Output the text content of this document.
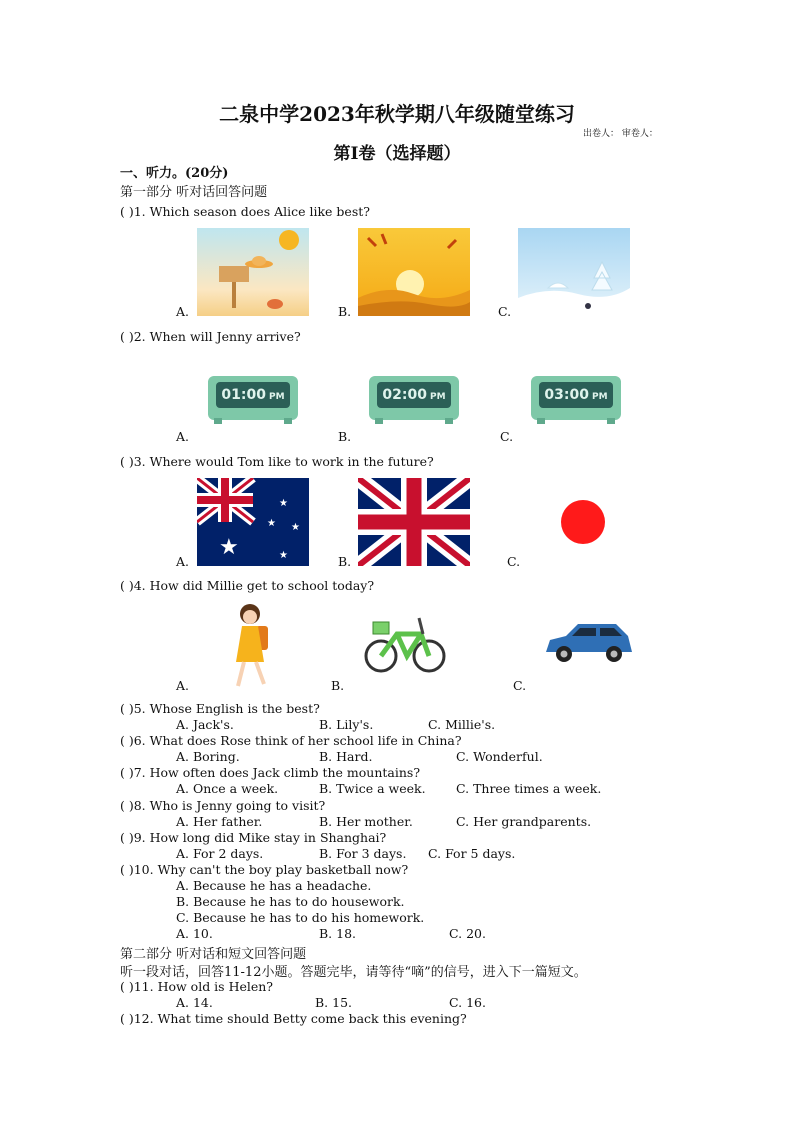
二泉中学2023年秋学期八年级随堂练习
出卷人： 审卷人：
第Ⅰ卷（选择题）
一、听力。(20分)
第一部分 听对话回答问题
( )1. Which season does Alice like best?
A.	B.	C.
( )2. When will Jenny arrive?
01:00 PM	02:00 PM	03:00 PM
A.	B.	C.
( )3. Where would Tom like to work in the future?
★
★
★ ★
★
A.	B.	C.
( )4. How did Millie get to school today?
A.	B.	C.
( )5. Whose English is the best?
A. Jack's.	B. Lily's.	C. Millie's.
( )6. What does Rose think of her school life in China?
A. Boring.	B. Hard.	C. Wonderful.
( )7. How often does Jack climb the mountains?
A. Once a week.	B. Twice a week. C. Three times a week.
( )8. Who is Jenny going to visit?
A. Her father.	B. Her mother.	C. Her grandparents.
( )9. How long did Mike stay in Shanghai?
A. For 2 days.	B. For 3 days. C. For 5 days.
( )10. Why can't the boy play basketball now?
A. Because he has a headache.
B. Because he has to do housework.
C. Because he has to do his homework.
A. 10.	B. 18.	C. 20.
第二部分 听对话和短文回答问题
听一段对话，回答11-12小题。答题完毕，请等待“嘀”的信号，进入下一篇短文。
( )11. How old is Helen?
A. 14.	B. 15.	C. 16.
( )12. What time should Betty come back this evening?
